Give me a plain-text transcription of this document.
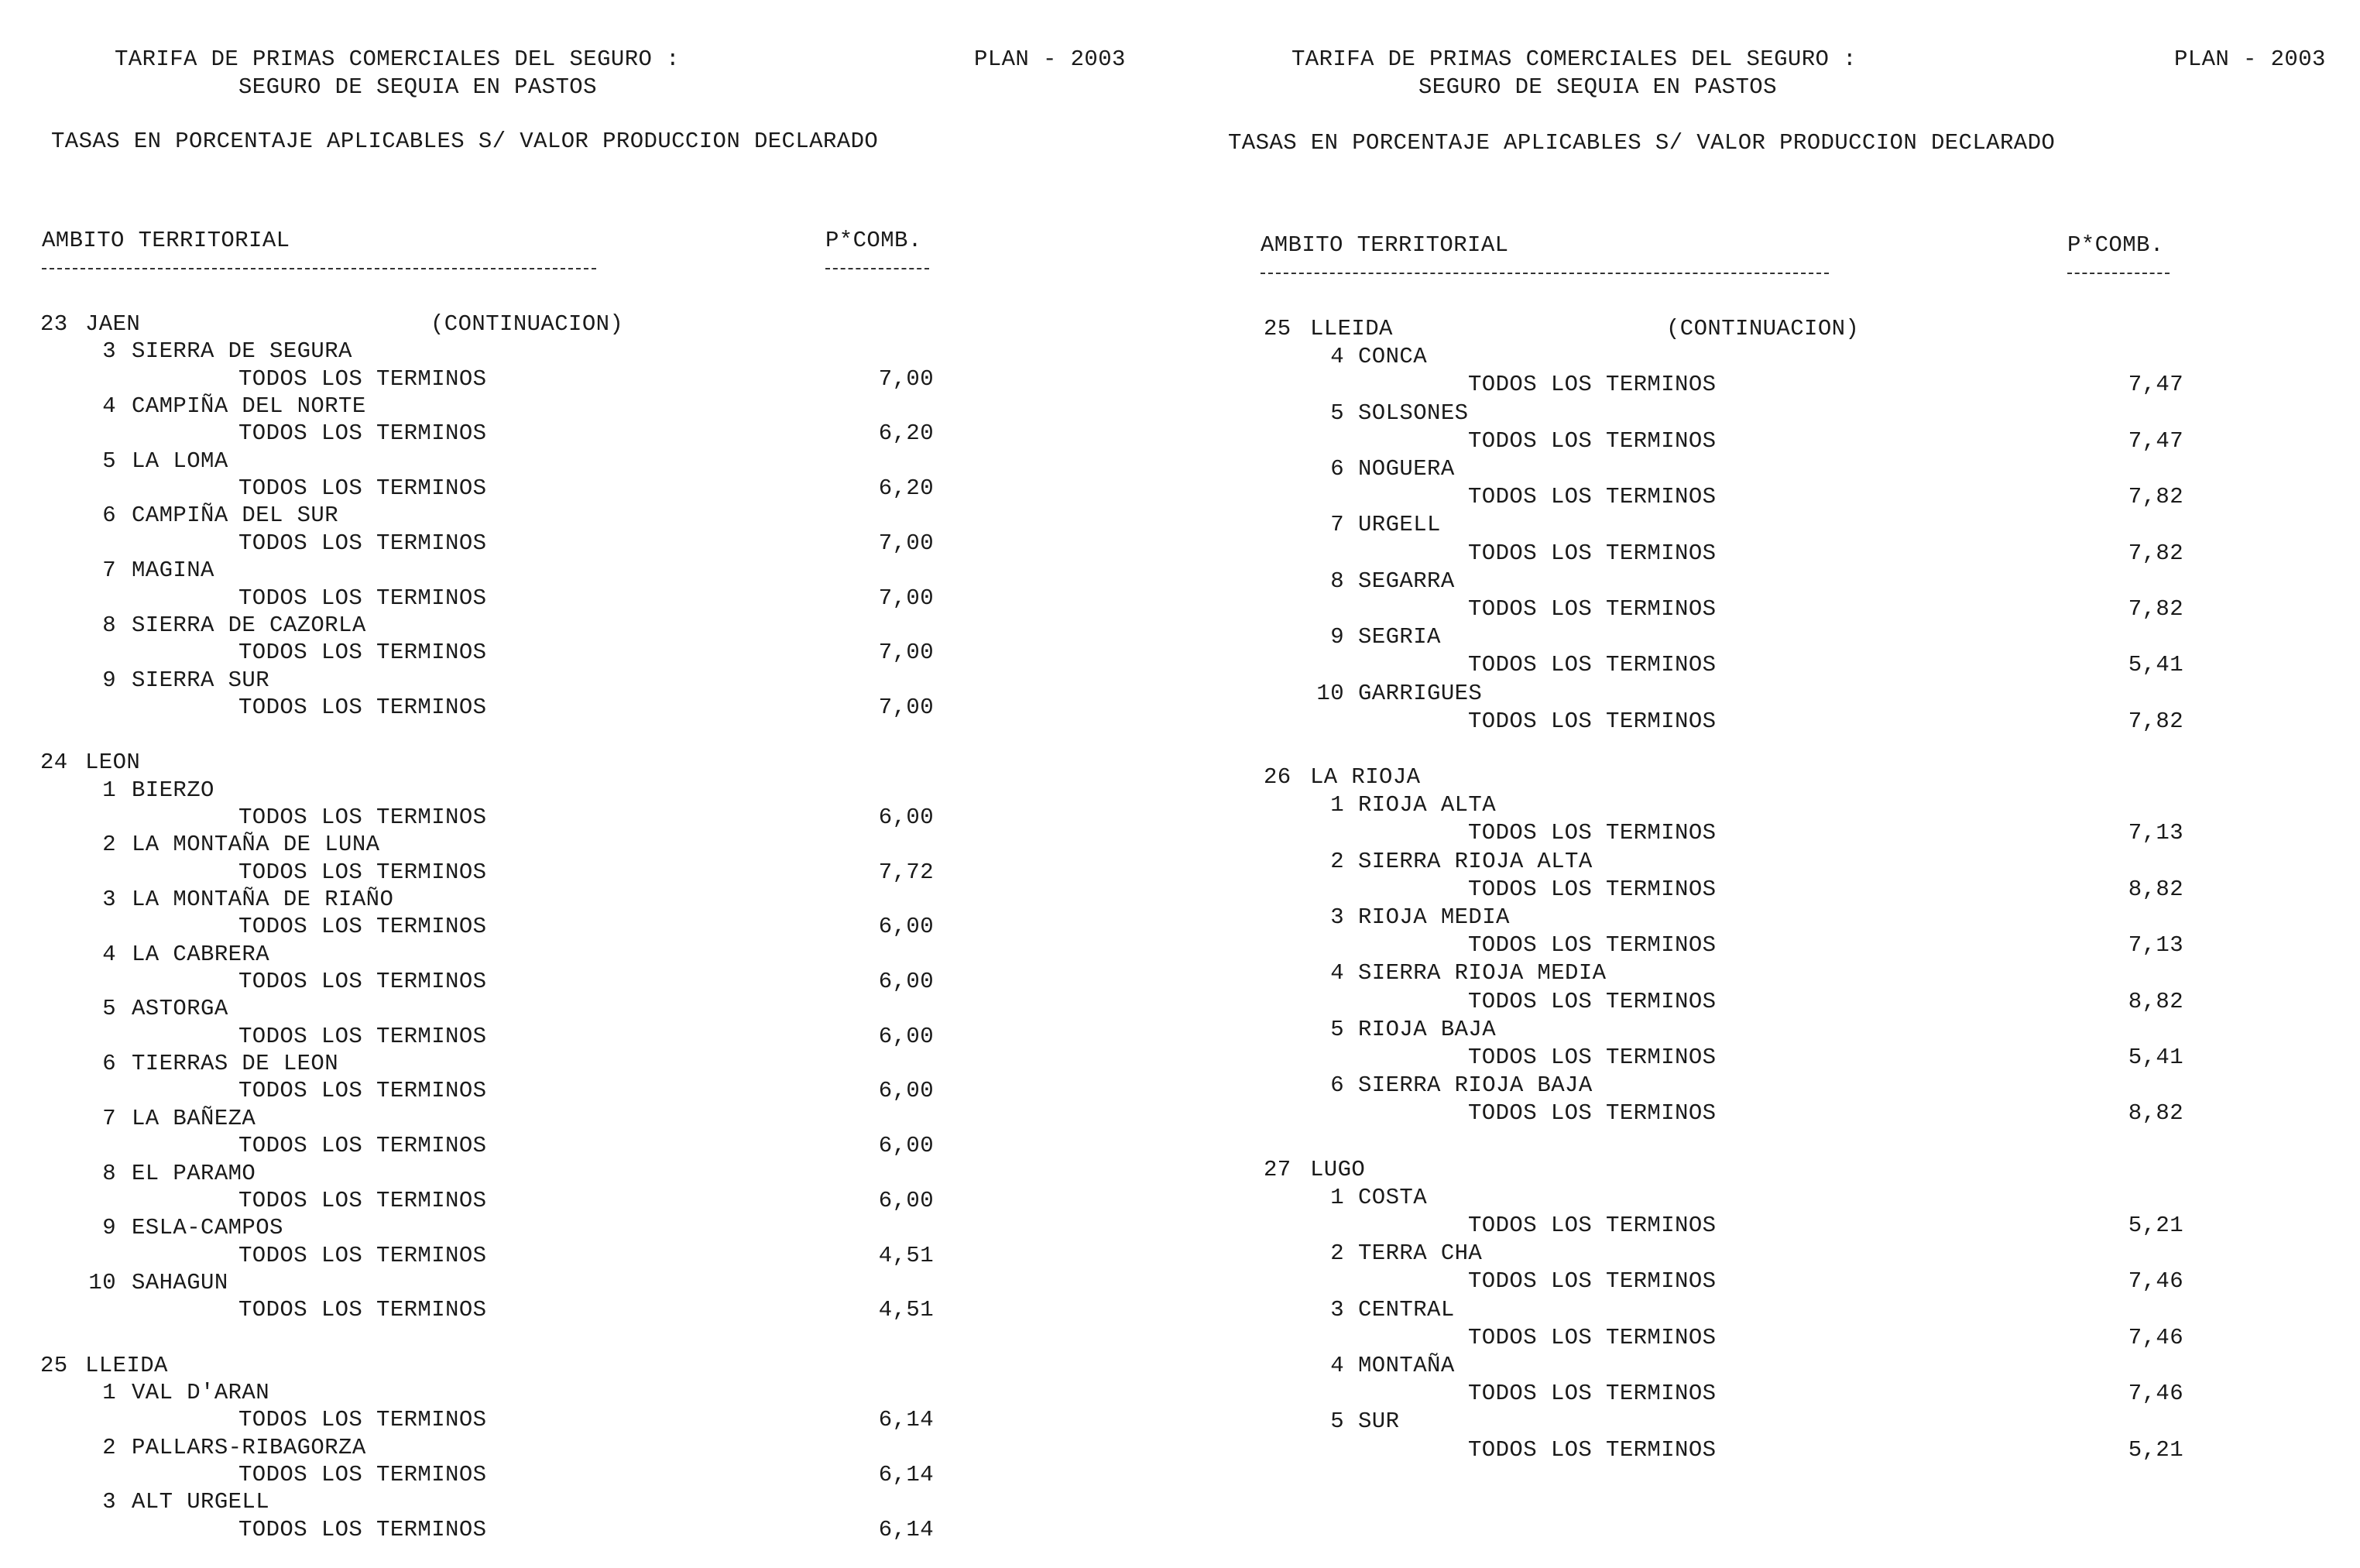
TARIFA DE PRIMAS COMERCIALES DEL SEGURO :
SEGURO DE SEQUIA EN PASTOS
PLAN - 2003
TASAS EN PORCENTAJE APLICABLES S/ VALOR PRODUCCION DECLARADO
AMBITO TERRITORIAL	P*COMB.
23 JAEN	(CONTINUACION)
3 SIERRA DE SEGURA
TODOS LOS TERMINOS	7,00
4 CAMPIÑA DEL NORTE
TODOS LOS TERMINOS	6,20
5 LA LOMA
TODOS LOS TERMINOS	6,20
6 CAMPIÑA DEL SUR
TODOS LOS TERMINOS	7,00
7 MAGINA
TODOS LOS TERMINOS	7,00
8 SIERRA DE CAZORLA
TODOS LOS TERMINOS	7,00
9 SIERRA SUR
TODOS LOS TERMINOS	7,00
24 LEON
1 BIERZO
TODOS LOS TERMINOS	6,00
2 LA MONTAÑA DE LUNA
TODOS LOS TERMINOS	7,72
3 LA MONTAÑA DE RIAÑO
TODOS LOS TERMINOS	6,00
4 LA CABRERA
TODOS LOS TERMINOS	6,00
5 ASTORGA
TODOS LOS TERMINOS	6,00
6 TIERRAS DE LEON
TODOS LOS TERMINOS	6,00
7 LA BAÑEZA
TODOS LOS TERMINOS	6,00
8 EL PARAMO
TODOS LOS TERMINOS	6,00
9 ESLA-CAMPOS
TODOS LOS TERMINOS	4,51
10 SAHAGUN
TODOS LOS TERMINOS	4,51
25 LLEIDA
1 VAL D'ARAN
TODOS LOS TERMINOS	6,14
2 PALLARS-RIBAGORZA
TODOS LOS TERMINOS	6,14
3 ALT URGELL
TODOS LOS TERMINOS	6,14
TARIFA DE PRIMAS COMERCIALES DEL SEGURO :
SEGURO DE SEQUIA EN PASTOS
PLAN - 2003
TASAS EN PORCENTAJE APLICABLES S/ VALOR PRODUCCION DECLARADO
AMBITO TERRITORIAL	P*COMB.
25 LLEIDA	(CONTINUACION)
4 CONCA
TODOS LOS TERMINOS	7,47
5 SOLSONES
TODOS LOS TERMINOS	7,47
6 NOGUERA
TODOS LOS TERMINOS	7,82
7 URGELL
TODOS LOS TERMINOS	7,82
8 SEGARRA
TODOS LOS TERMINOS	7,82
9 SEGRIA
TODOS LOS TERMINOS	5,41
10 GARRIGUES
TODOS LOS TERMINOS	7,82
26 LA RIOJA
1 RIOJA ALTA
TODOS LOS TERMINOS	7,13
2 SIERRA RIOJA ALTA
TODOS LOS TERMINOS	8,82
3 RIOJA MEDIA
TODOS LOS TERMINOS	7,13
4 SIERRA RIOJA MEDIA
TODOS LOS TERMINOS	8,82
5 RIOJA BAJA
TODOS LOS TERMINOS	5,41
6 SIERRA RIOJA BAJA
TODOS LOS TERMINOS	8,82
27 LUGO
1 COSTA
TODOS LOS TERMINOS	5,21
2 TERRA CHA
TODOS LOS TERMINOS	7,46
3 CENTRAL
TODOS LOS TERMINOS	7,46
4 MONTAÑA
TODOS LOS TERMINOS	7,46
5 SUR
TODOS LOS TERMINOS	5,21
